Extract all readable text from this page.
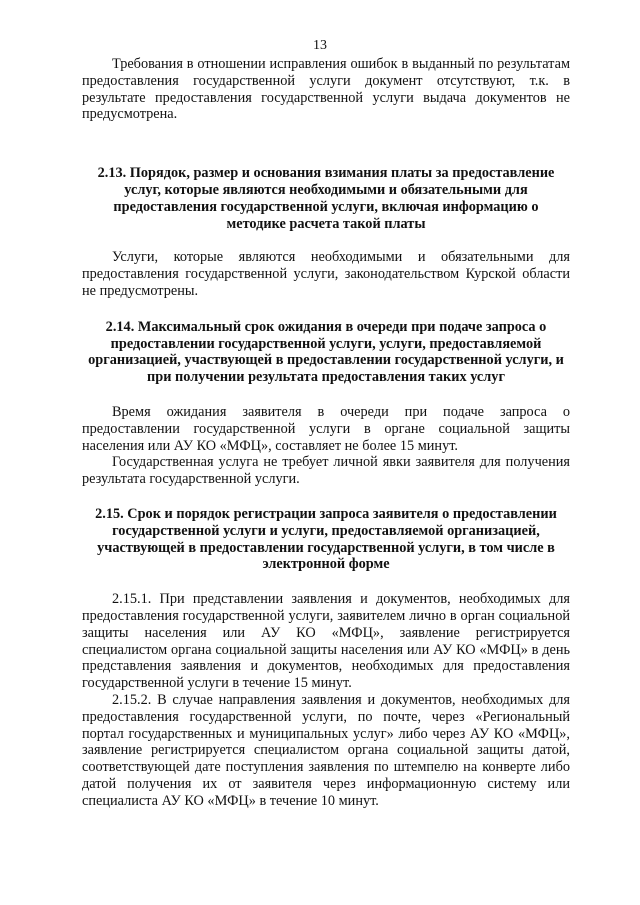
13

Требования в отношении исправления ошибок в выданный по результатам предоставления государственной услуги документ отсутствуют, т.к. в результате предоставления государственной услуги выдача документов не предусмотрена.

2.13. Порядок, размер и основания взимания платы за предоставление услуг, которые являются необходимыми и обязательными для предоставления государственной услуги, включая информацию о методике расчета такой платы

Услуги, которые являются необходимыми и обязательными для предоставления государственной услуги, законодательством Курской области не предусмотрены.

2.14. Максимальный срок ожидания в очереди при подаче запроса о предоставлении государственной услуги, услуги, предоставляемой организацией, участвующей в предоставлении государственной услуги, и при получении результата предоставления таких услуг

Время ожидания заявителя в очереди при подаче запроса о предоставлении государственной услуги в органе социальной защиты населения или АУ КО «МФЦ», составляет не более 15 минут.

Государственная услуга не требует личной явки заявителя для получения результата государственной услуги.

2.15. Срок и порядок регистрации запроса заявителя о предоставлении государственной услуги и услуги, предоставляемой организацией, участвующей в предоставлении государственной услуги, в том числе в электронной форме

2.15.1. При представлении заявления и документов, необходимых для предоставления государственной услуги, заявителем лично в орган социальной защиты населения или АУ КО «МФЦ», заявление регистрируется специалистом органа социальной защиты населения или АУ КО «МФЦ» в день представления заявления и документов, необходимых для предоставления государственной услуги в течение 15 минут.

2.15.2. В случае направления заявления и документов, необходимых для предоставления государственной услуги, по почте, через «Региональный портал государственных и муниципальных услуг» либо через АУ КО «МФЦ», заявление регистрируется специалистом органа социальной защиты датой, соответствующей дате поступления заявления по штемпелю на конверте либо датой получения их от заявителя через информационную систему или специалиста АУ КО «МФЦ» в течение 10 минут.
